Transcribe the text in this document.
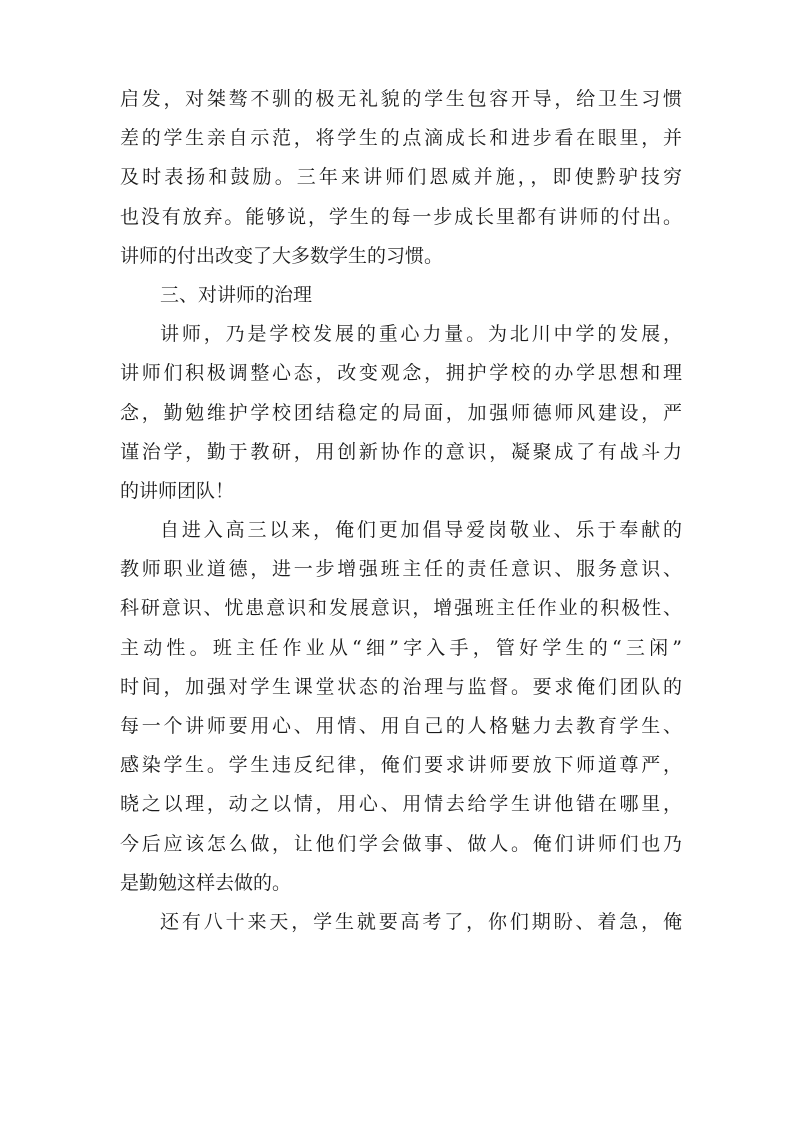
启发，对桀骜不驯的极无礼貌的学生包容开导，给卫生习惯
差的学生亲自示范，将学生的点滴成长和进步看在眼里，并
及时表扬和鼓励。三年来讲师们恩威并施，，即使黔驴技穷
也没有放弃。能够说，学生的每一步成长里都有讲师的付出。
讲师的付出改变了大多数学生的习惯。
三、对讲师的治理
讲师，乃是学校发展的重心力量。为北川中学的发展，
讲师们积极调整心态，改变观念，拥护学校的办学思想和理
念，勤勉维护学校团结稳定的局面，加强师德师风建设，严
谨治学，勤于教研，用创新协作的意识，凝聚成了有战斗力
的讲师团队！
自进入高三以来，俺们更加倡导爱岗敬业、乐于奉献的
教师职业道德，进一步增强班主任的责任意识、服务意识、
科研意识、忧患意识和发展意识，增强班主任作业的积极性、
主动性。班主任作业从“细”字入手，管好学生的“三闲”
时间，加强对学生课堂状态的治理与监督。要求俺们团队的
每一个讲师要用心、用情、用自己的人格魅力去教育学生、
感染学生。学生违反纪律，俺们要求讲师要放下师道尊严，
晓之以理，动之以情，用心、用情去给学生讲他错在哪里，
今后应该怎么做，让他们学会做事、做人。俺们讲师们也乃
是勤勉这样去做的。
还有八十来天，学生就要高考了，你们期盼、着急，俺
